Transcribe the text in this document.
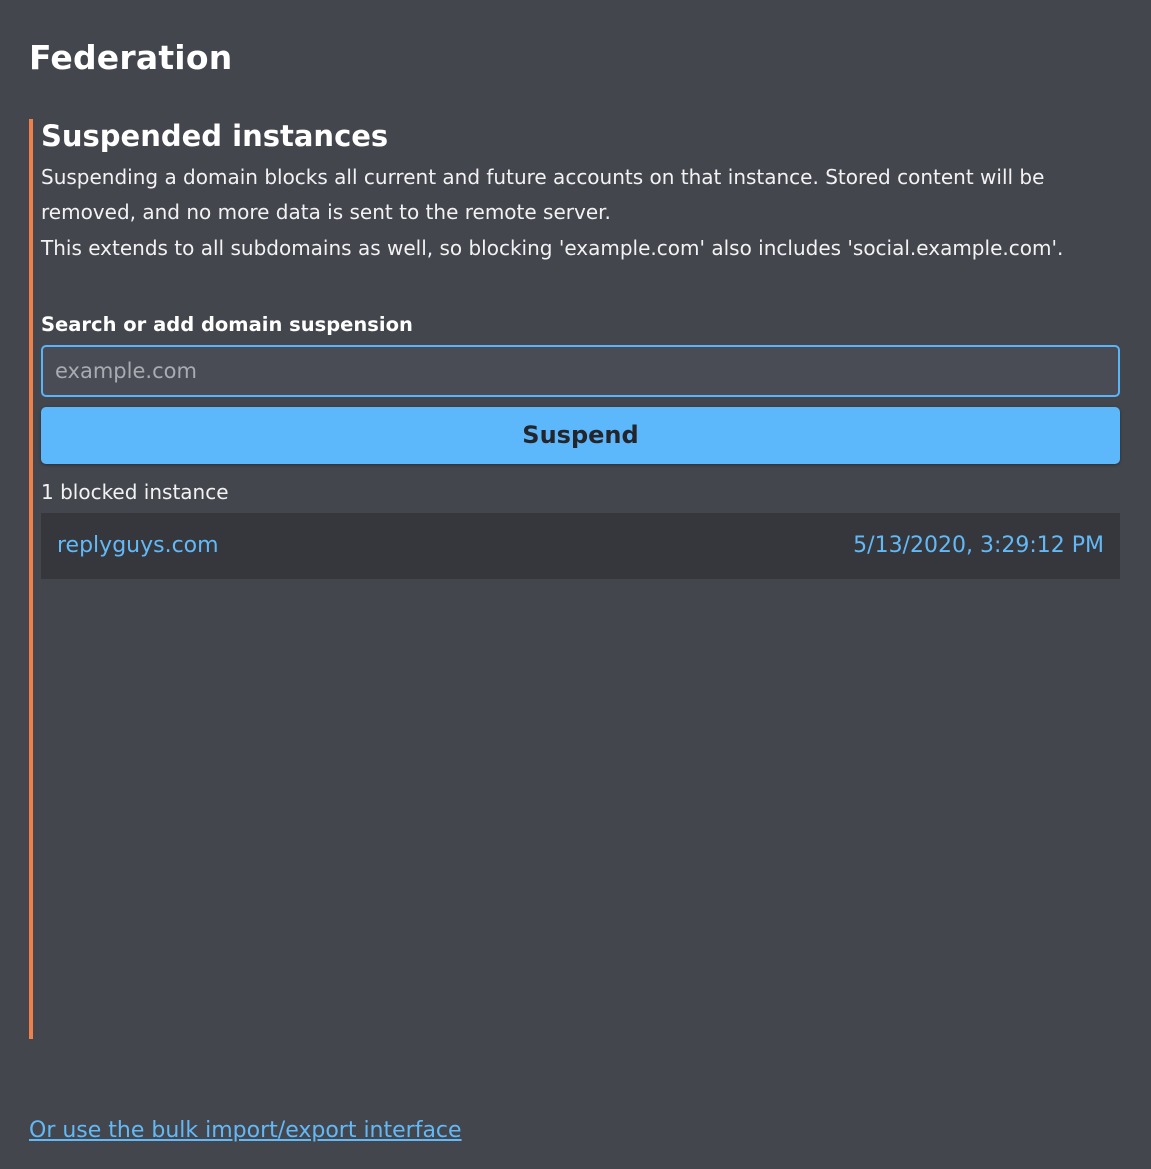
Federation
Suspended instances
Suspending a domain blocks all current and future accounts on that instance. Stored content will be removed, and no more data is sent to the remote server.
This extends to all subdomains as well, so blocking 'example.com' also includes 'social.example.com'.
Search or add domain suspension
example.com
Suspend
1 blocked instance
replyguys.com	5/13/2020, 3:29:12 PM
Or use the bulk import/export interface
